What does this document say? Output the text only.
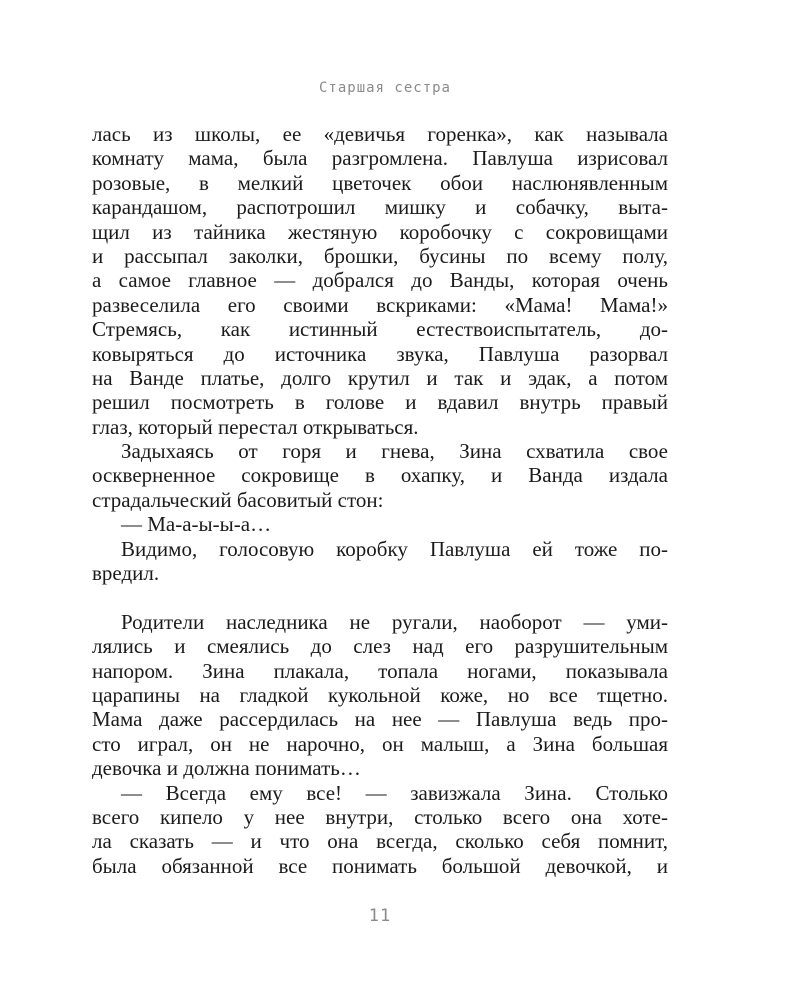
Старшая сестра
лась из школы, ее «девичья горенка», как называла
комнату мама, была разгромлена. Павлуша изрисовал
розовые, в мелкий цветочек обои наслюнявленным
карандашом, распотрошил мишку и собачку, выта-
щил из тайника жестяную коробочку с сокровищами
и рассыпал заколки, брошки, бусины по всему полу,
а самое главное — добрался до Ванды, которая очень
развеселила его своими вскриками: «Мама! Мама!»
Стремясь, как истинный естествоиспытатель, до-
ковыряться до источника звука, Павлуша разорвал
на Ванде платье, долго крутил и так и эдак, а потом
решил посмотреть в голове и вдавил внутрь правый
глаз, который перестал открываться.
Задыхаясь от горя и гнева, Зина схватила свое
оскверненное сокровище в охапку, и Ванда издала
страдальческий басовитый стон:
— Ма-а-ы-ы-а…
Видимо, голосовую коробку Павлуша ей тоже по-
вредил.
Родители наследника не ругали, наоборот — уми-
лялись и смеялись до слез над его разрушительным
напором. Зина плакала, топала ногами, показывала
царапины на гладкой кукольной коже, но все тщетно.
Мама даже рассердилась на нее — Павлуша ведь про-
сто играл, он не нарочно, он малыш, а Зина большая
девочка и должна понимать…
— Всегда ему все! — завизжала Зина. Столько
всего кипело у нее внутри, столько всего она хоте-
ла сказать — и что она всегда, сколько себя помнит,
была обязанной все понимать большой девочкой, и
11
